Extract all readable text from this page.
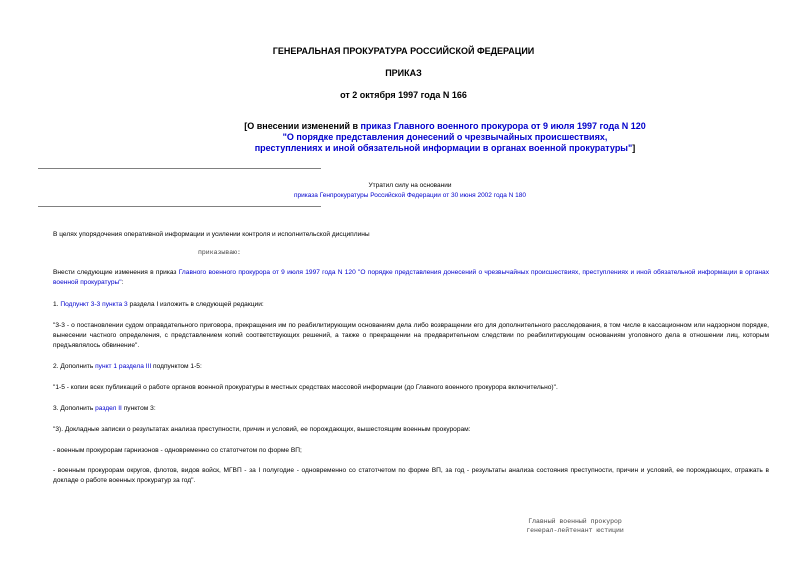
ГЕНЕРАЛЬНАЯ ПРОКУРАТУРА РОССИЙСКОЙ ФЕДЕРАЦИИ
ПРИКАЗ
от 2 октября 1997 года N 166
[О внесении изменений в приказ Главного военного прокурора от 9 июля 1997 года N 120
"О порядке представления донесений о чрезвычайных происшествиях,
преступлениях и иной обязательной информации в органах военной прокуратуры"]
Утратил силу на основании
приказа Генпрокуратуры Российской Федерации от 30 июня 2002 года N 180
В целях упорядочения оперативной информации и усилении контроля и исполнительской дисциплины
приказываю:
Внести следующие изменения в приказ Главного военного прокурора от 9 июля 1997 года N 120 "О порядке представления донесений о чрезвычайных происшествиях, преступлениях и иной обязательной информации в органах военной прокуратуры":
1. Подпункт 3-3 пункта 3 раздела I изложить в следующей редакции:
"3-3 - о постановлении судом оправдательного приговора, прекращения им по реабилитирующим основаниям дела либо возвращении его для дополнительного расследования, в том числе в кассационном или надзорном порядке, вынесении частного определения, с представлением копий соответствующих решений, а также о прекращении на предварительном следствии по реабилитирующим основаниям уголовного дела в отношении лиц, которым предъявлялось обвинение".
2. Дополнить пункт 1 раздела III подпунктом 1-5:
"1-5 - копии всех публикаций о работе органов военной прокуратуры в местных средствах массовой информации (до Главного военного прокурора включительно)".
3. Дополнить раздел II пунктом 3:
"3). Докладные записки о результатах анализа преступности, причин и условий, ее порождающих, вышестоящим военным прокурорам:
- военным прокурорам гарнизонов - одновременно со статотчетом по форме ВП;
- военным прокурорам округов, флотов, видов войск, МГВП - за I полугодие - одновременно со статотчетом по форме ВП, за год - результаты анализа состояния преступности, причин и условий, ее порождающих, отражать в докладе о работе военных прокуратур за год".
Главный военный прокурор
генерал-лейтенант юстиции
